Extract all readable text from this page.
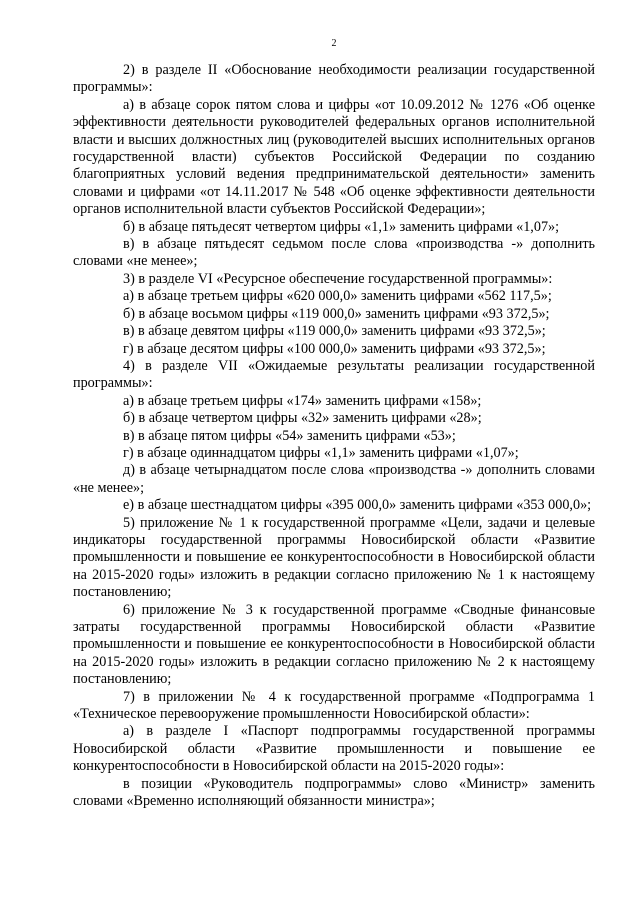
2

2) в разделе II «Обоснование необходимости реализации государственной программы»:

а) в абзаце сорок пятом слова и цифры «от 10.09.2012 № 1276 «Об оценке эффективности деятельности руководителей федеральных органов исполнительной власти и высших должностных лиц (руководителей высших исполнительных органов государственной власти) субъектов Российской Федерации по созданию благоприятных условий ведения предпринимательской деятельности» заменить словами и цифрами «от 14.11.2017 № 548 «Об оценке эффективности деятельности органов исполнительной власти субъектов Российской Федерации»;

б) в абзаце пятьдесят четвертом цифры «1,1» заменить цифрами «1,07»;

в) в абзаце пятьдесят седьмом после слова «производства -» дополнить словами «не менее»;

3) в разделе VI «Ресурсное обеспечение государственной программы»:

а) в абзаце третьем цифры «620 000,0» заменить цифрами «562 117,5»;

б) в абзаце восьмом цифры «119 000,0» заменить цифрами «93 372,5»;

в) в абзаце девятом цифры «119 000,0» заменить цифрами «93 372,5»;

г) в абзаце десятом цифры «100 000,0» заменить цифрами «93 372,5»;

4) в разделе VII «Ожидаемые результаты реализации государственной программы»:

а) в абзаце третьем цифры «174» заменить цифрами «158»;

б) в абзаце четвертом цифры «32» заменить цифрами «28»;

в) в абзаце пятом цифры «54» заменить цифрами «53»;

г) в абзаце одиннадцатом цифры «1,1» заменить цифрами «1,07»;

д) в абзаце четырнадцатом после слова «производства -» дополнить словами «не менее»;

е) в абзаце шестнадцатом цифры «395 000,0» заменить цифрами «353 000,0»;

5) приложение № 1 к государственной программе «Цели, задачи и целевые индикаторы государственной программы Новосибирской области «Развитие промышленности и повышение ее конкурентоспособности в Новосибирской области на 2015-2020 годы» изложить в редакции согласно приложению № 1 к настоящему постановлению;

6) приложение № 3 к государственной программе «Сводные финансовые затраты государственной программы Новосибирской области «Развитие промышленности и повышение ее конкурентоспособности в Новосибирской области на 2015-2020 годы» изложить в редакции согласно приложению № 2 к настоящему постановлению;

7) в приложении № 4 к государственной программе «Подпрограмма 1 «Техническое перевооружение промышленности Новосибирской области»:

а) в разделе I «Паспорт подпрограммы государственной программы Новосибирской области «Развитие промышленности и повышение ее конкурентоспособности в Новосибирской области на 2015-2020 годы»:

в позиции «Руководитель подпрограммы» слово «Министр» заменить словами «Временно исполняющий обязанности министра»;
